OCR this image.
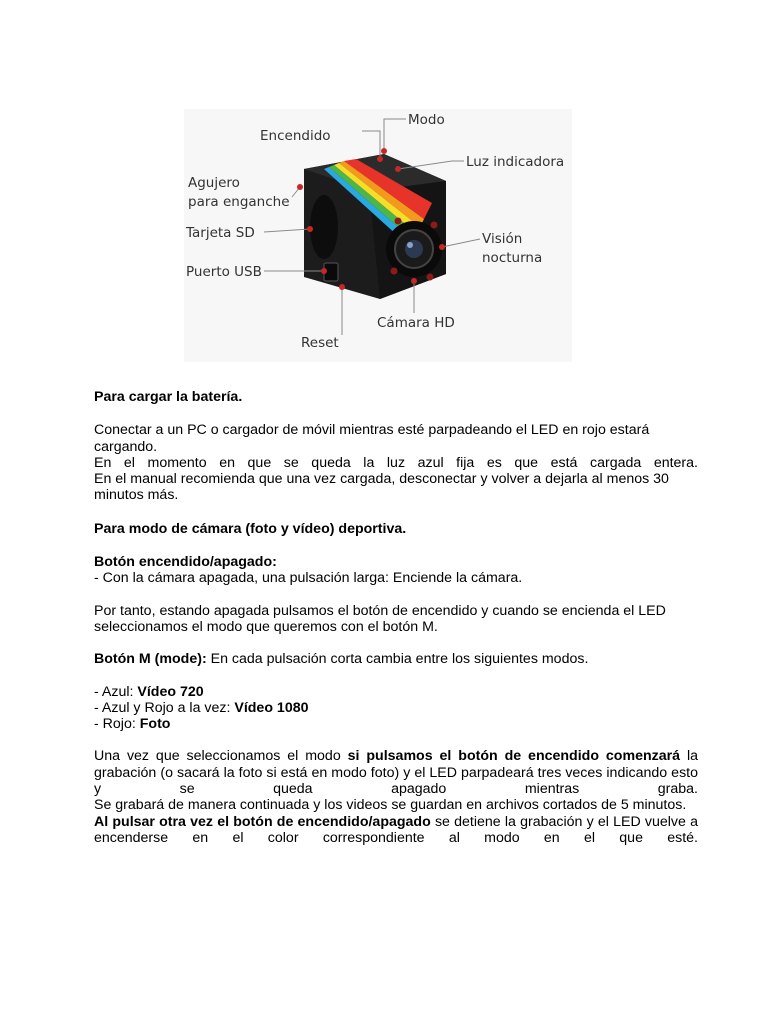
Encendido
Modo
Luz indicadora
Agujero
para enganche
Tarjeta SD
Puerto USB
Visión
nocturna
Cámara HD
Reset

Para cargar la batería.

Conectar a un PC o cargador de móvil mientras esté parpadeando el LED en rojo estará cargando.

En el momento en que se queda la luz azul fija es que está cargada entera.

En el manual recomienda que una vez cargada, desconectar y volver a dejarla al menos 30 minutos más.

Para modo de cámara (foto y vídeo) deportiva.

Botón encendido/apagado:

- Con la cámara apagada, una pulsación larga: Enciende la cámara.

Por tanto, estando apagada pulsamos el botón de encendido y cuando se encienda el LED seleccionamos el modo que queremos con el botón M.

Botón M (mode): En cada pulsación corta cambia entre los siguientes modos.

- Azul: Vídeo 720

- Azul y Rojo a la vez: Vídeo 1080

- Rojo: Foto

Una vez que seleccionamos el modo si pulsamos el botón de encendido comenzará la grabación (o sacará la foto si está en modo foto) y el LED parpadeará tres veces indicando esto y se queda apagado mientras graba.

Se grabará de manera continuada y los videos se guardan en archivos cortados de 5 minutos.

Al pulsar otra vez el botón de encendido/apagado se detiene la grabación y el LED vuelve a encenderse en el color correspondiente al modo en el que esté.
